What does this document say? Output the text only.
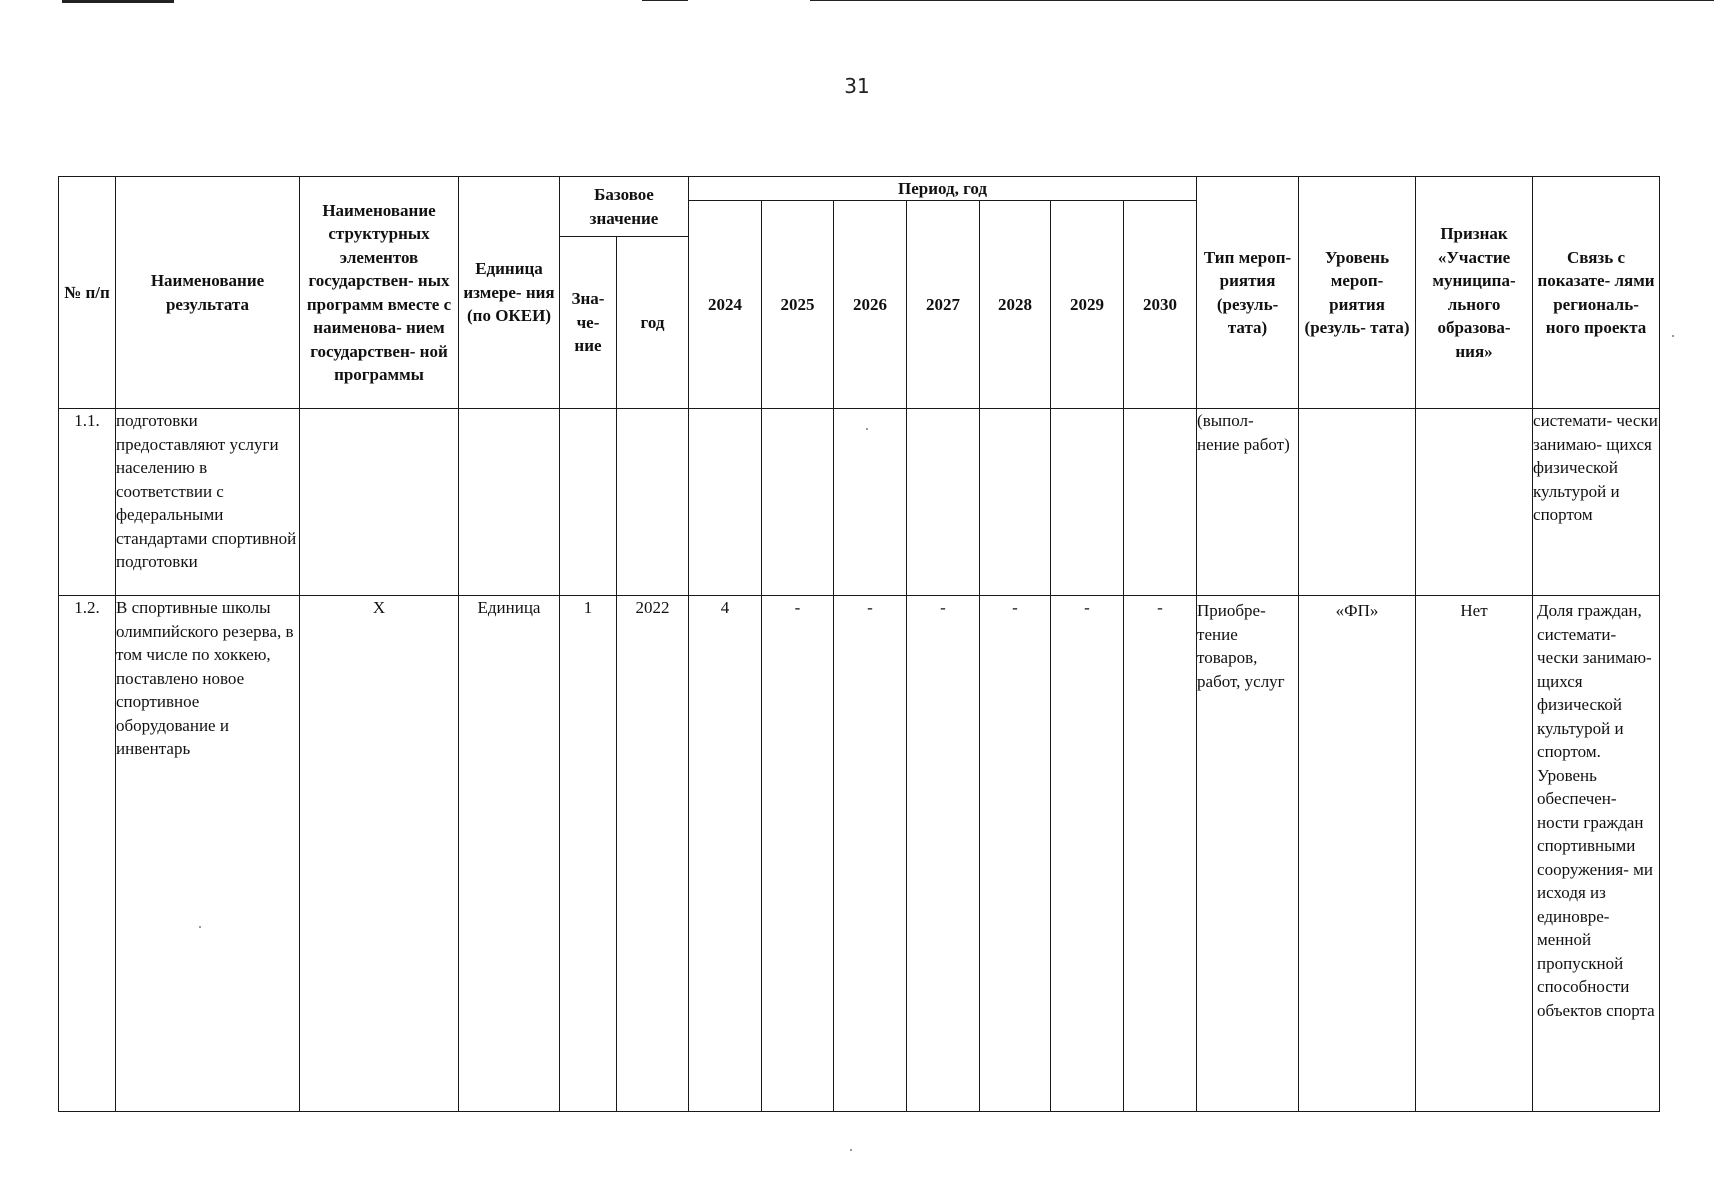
31
№ п/п	Наименование результата	Наименование структурных элементов государствен- ных программ вместе с наименова- нием государствен- ной программы	Единица измере- ния (по ОКЕИ)	Базовое значение		Период, год							Тип мероп- риятия (резуль- тата)	Уровень мероп- риятия (резуль- тата)	Признак «Участие муниципа- льного образова- ния»	Связь с показате- лями региональ- ного проекта
						2024	2025	2026	2027	2028	2029	2030				
				Зна- че- ние	год											
1.1.	подготовки предоставляют услуги населению в соответствии с федеральными стандартами спортивной подготовки												(выпол- нение работ)			системати- чески занимаю- щихся физической культурой и спортом
1.2.	В спортивные школы олимпийского резерва, в том числе по хоккею, поставлено новое спортивное оборудование и инвентарь	Х	Единица	1	2022	4	-	-	-	-	-	-	Приобре- тение товаров, работ, услуг	«ФП»	Нет	Доля граждан, системати- чески занимаю- щихся физической культурой и спортом. Уровень обеспечен- ности граждан спортивными сооружения- ми исходя из единовре- менной пропускной способности объектов спорта
